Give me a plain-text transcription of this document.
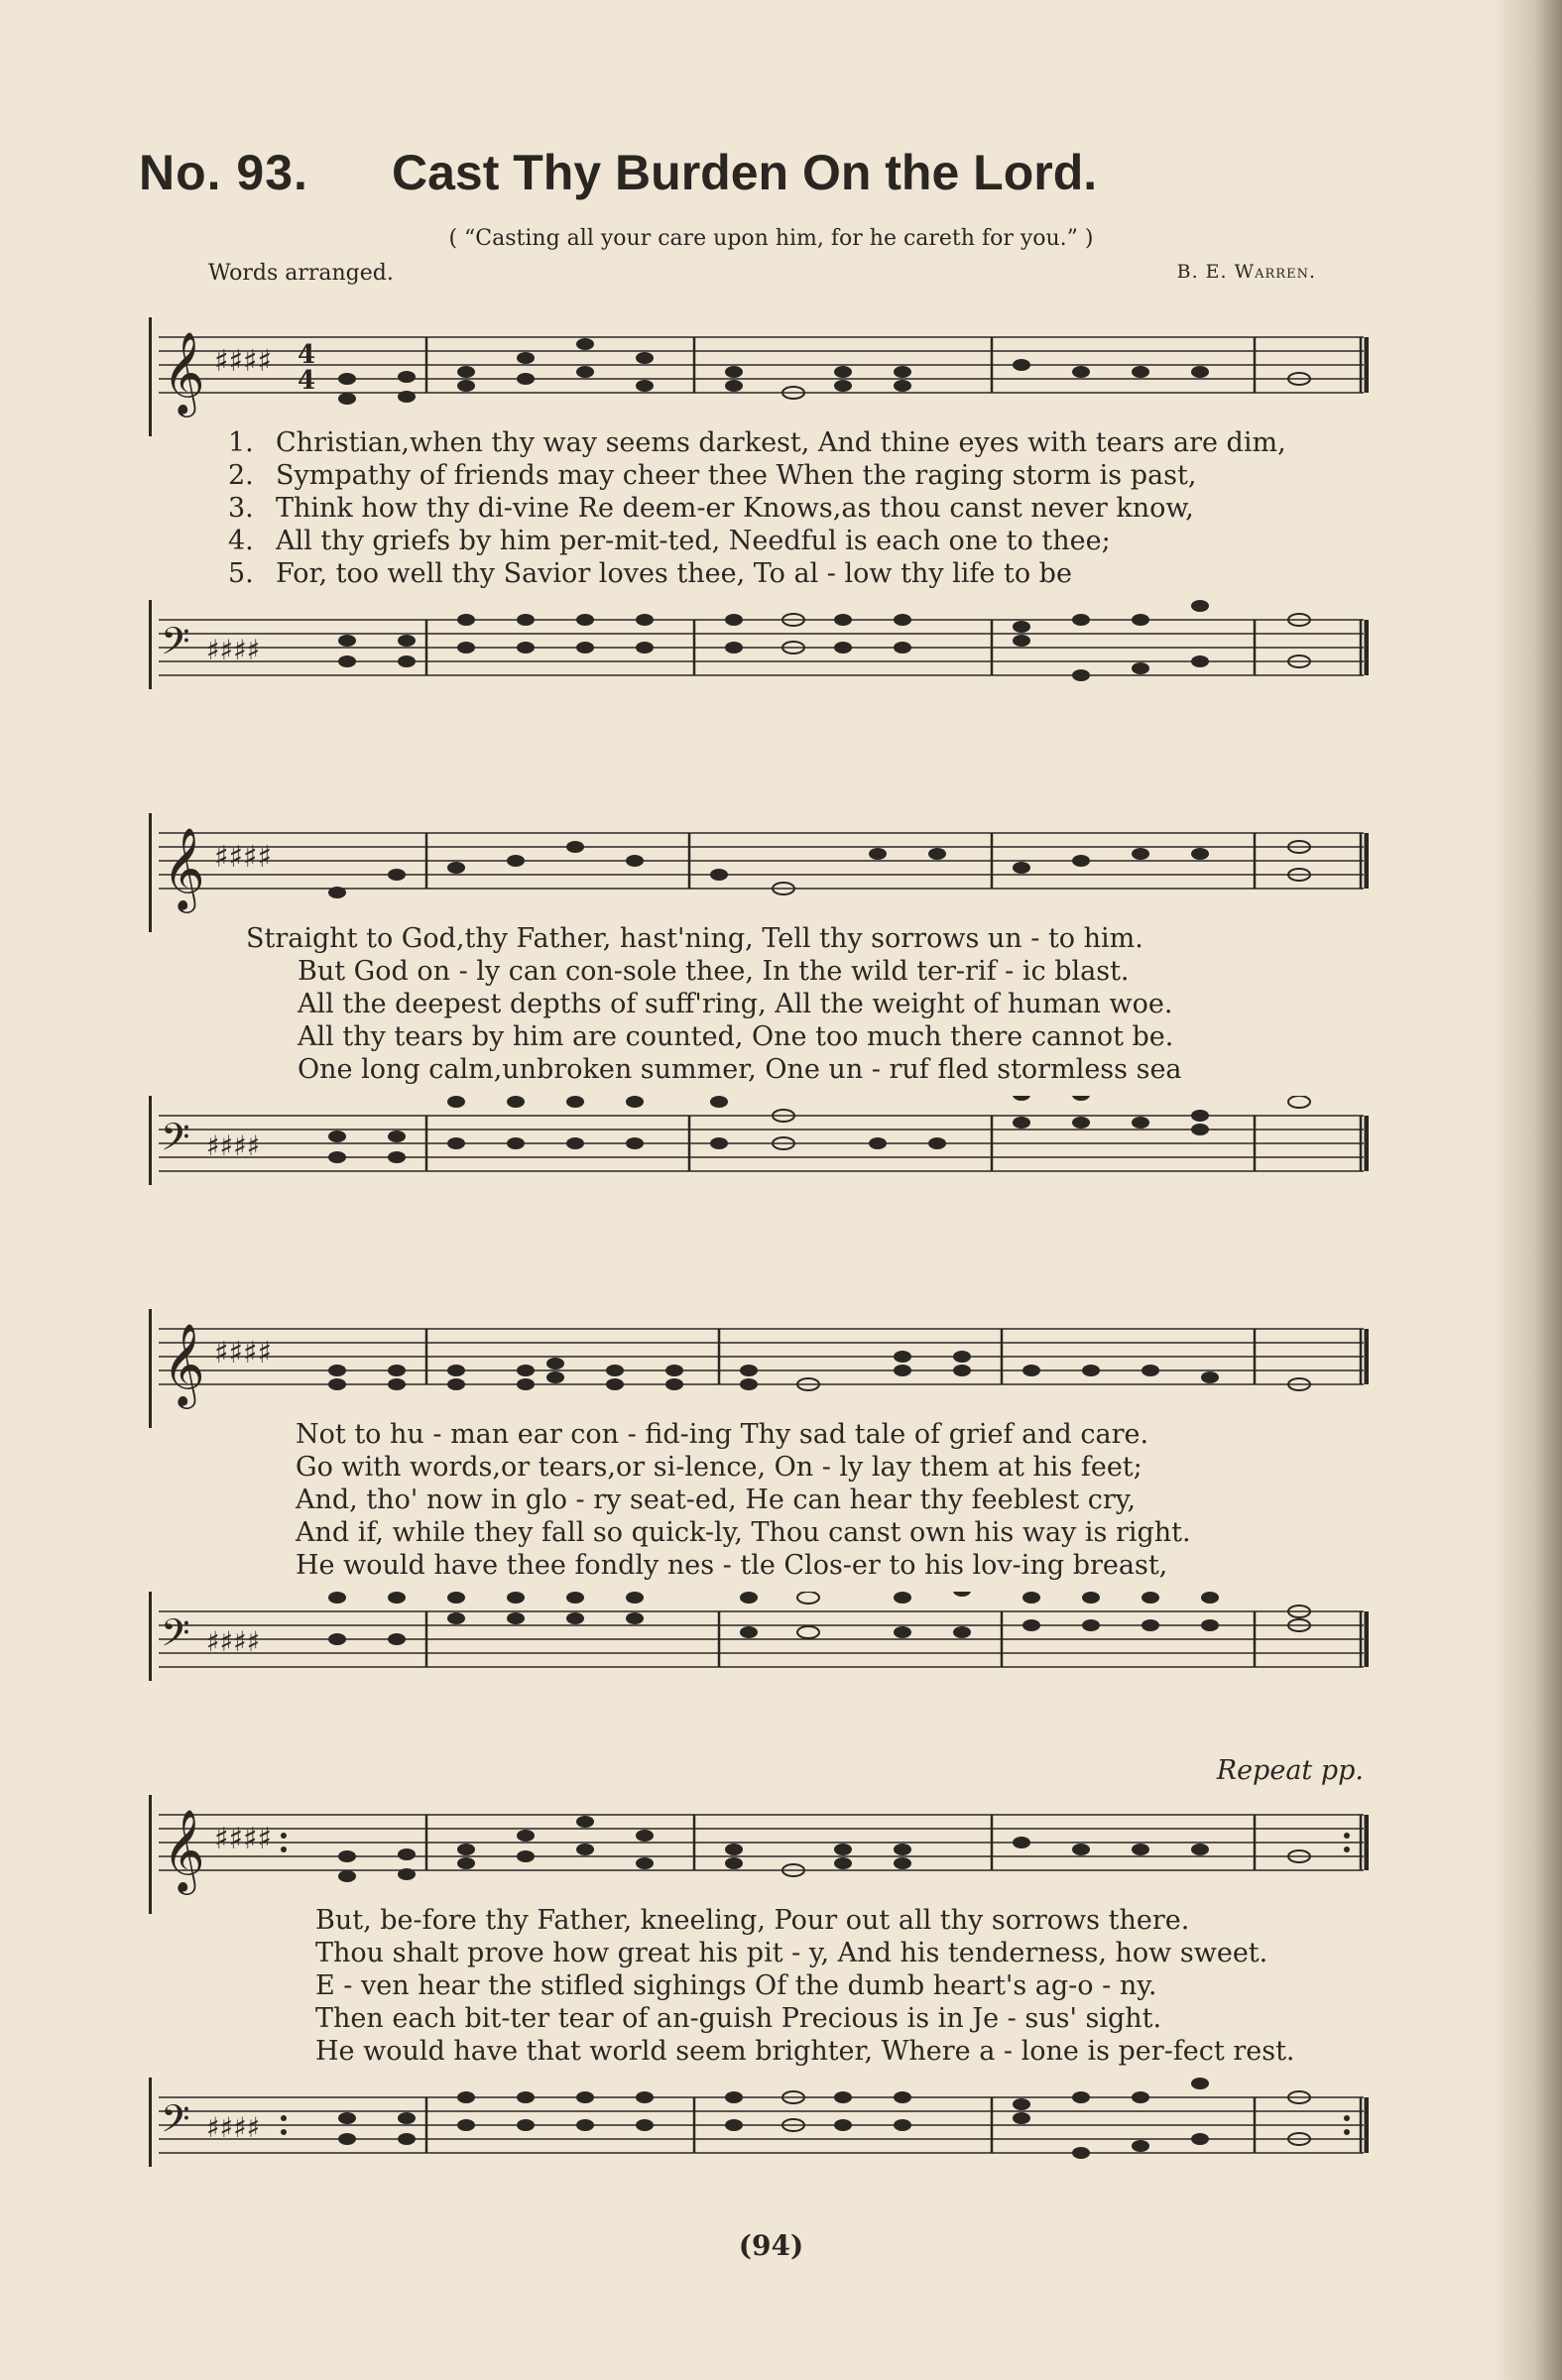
No. 93. Cast Thy Burden On the Lord.
( “Casting all your care upon him, for he careth for you.” )
Words arranged.	B. E. Warren.
𝄞 ♯♯♯♯ 4
4
1. Christian,when thy way seems darkest, And thine eyes with tears are dim,
2. Sympathy of friends may cheer thee When the raging storm is past,
3. Think how thy di-vine Re deem-er Knows,as thou canst never know,
4. All thy griefs by him per-mit-ted, Needful is each one to thee;
5. For, too well thy Savior loves thee, To al - low thy life to be
𝄢 ♯♯♯♯
𝄞 ♯♯♯♯
Straight to God,thy Father, hast'ning, Tell thy sorrows un - to him.
But God on - ly can con-sole thee, In the wild ter-rif - ic blast.
All the deepest depths of suff'ring, All the weight of human woe.
All thy tears by him are counted, One too much there cannot be.
One long calm,unbroken summer, One un - ruf fled stormless sea
𝄢 ♯♯♯♯
𝄞 ♯♯♯♯
Not to hu - man ear con - fid-ing Thy sad tale of grief and care.
Go with words,or tears,or si-lence, On - ly lay them at his feet;
And, tho' now in glo - ry seat-ed, He can hear thy feeblest cry,
And if, while they fall so quick-ly, Thou canst own his way is right.
He would have thee fondly nes - tle Clos-er to his lov-ing breast,
𝄢 ♯♯♯♯
Repeat pp.
𝄞 ♯♯♯♯
But, be-fore thy Father, kneeling, Pour out all thy sorrows there.
Thou shalt prove how great his pit - y, And his tenderness, how sweet.
E - ven hear the stifled sighings Of the dumb heart's ag-o - ny.
Then each bit-ter tear of an-guish Precious is in Je - sus' sight.
He would have that world seem brighter, Where a - lone is per-fect rest.
𝄢 ♯♯♯♯
(94)
